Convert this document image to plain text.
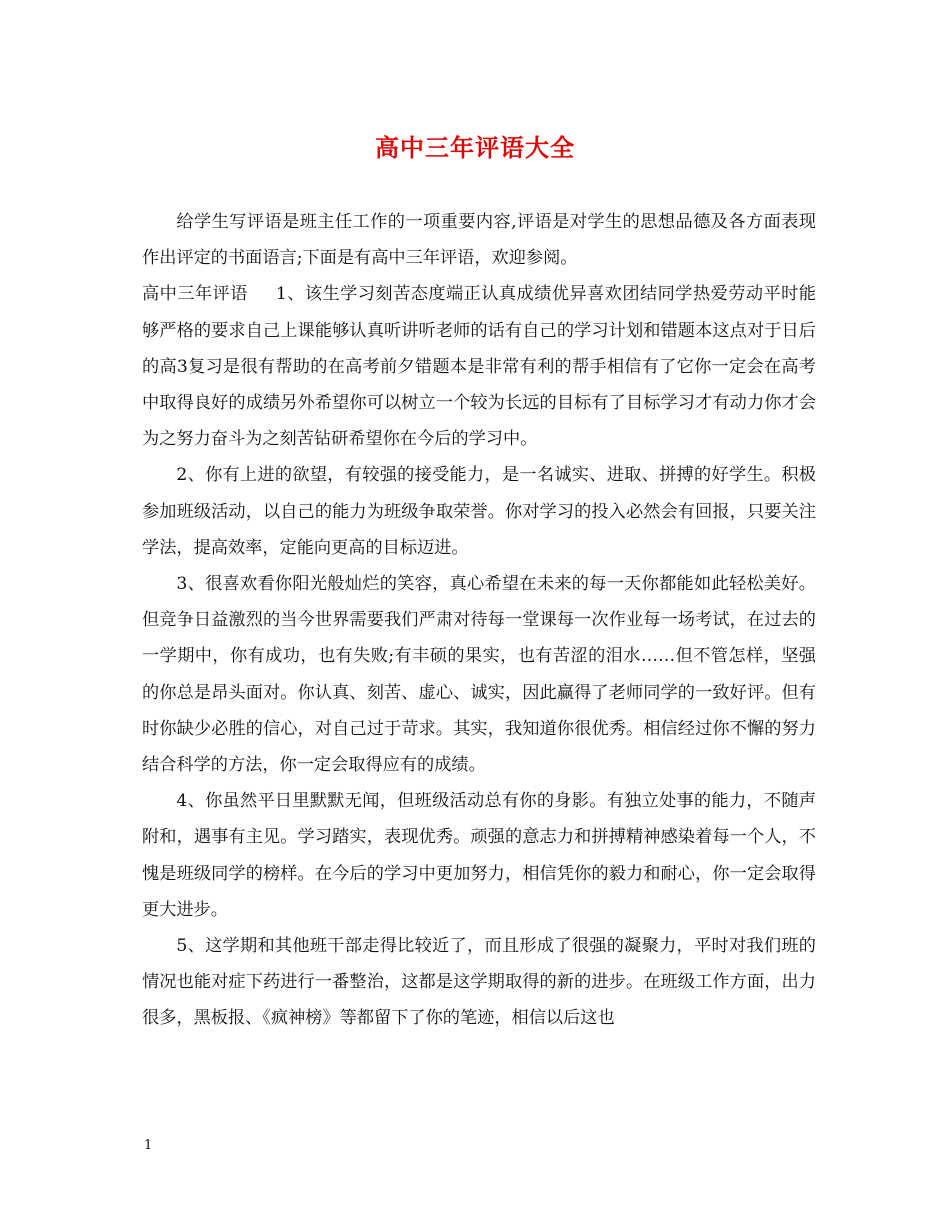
高中三年评语大全

给学生写评语是班主任工作的一项重要内容,评语是对学生的思想品德及各方面表现作出评定的书面语言;下面是有高中三年评语，欢迎参阅。

高中三年评语 1、该生学习刻苦态度端正认真成绩优异喜欢团结同学热爱劳动平时能够严格的要求自己上课能够认真听讲听老师的话有自己的学习计划和错题本这点对于日后的高3复习是很有帮助的在高考前夕错题本是非常有利的帮手相信有了它你一定会在高考中取得良好的成绩另外希望你可以树立一个较为长远的目标有了目标学习才有动力你才会为之努力奋斗为之刻苦钻研希望你在今后的学习中。

2、你有上进的欲望，有较强的接受能力，是一名诚实、进取、拼搏的好学生。积极参加班级活动，以自己的能力为班级争取荣誉。你对学习的投入必然会有回报，只要关注学法，提高效率，定能向更高的目标迈进。

3、很喜欢看你阳光般灿烂的笑容，真心希望在未来的每一天你都能如此轻松美好。但竞争日益激烈的当今世界需要我们严肃对待每一堂课每一次作业每一场考试，在过去的一学期中，你有成功，也有失败;有丰硕的果实，也有苦涩的泪水……但不管怎样，坚强的你总是昂头面对。你认真、刻苦、虚心、诚实，因此赢得了老师同学的一致好评。但有时你缺少必胜的信心，对自己过于苛求。其实，我知道你很优秀。相信经过你不懈的努力结合科学的方法，你一定会取得应有的成绩。

4、你虽然平日里默默无闻，但班级活动总有你的身影。有独立处事的能力，不随声附和，遇事有主见。学习踏实，表现优秀。顽强的意志力和拼搏精神感染着每一个人，不愧是班级同学的榜样。在今后的学习中更加努力，相信凭你的毅力和耐心，你一定会取得更大进步。

5、这学期和其他班干部走得比较近了，而且形成了很强的凝聚力，平时对我们班的情况也能对症下药进行一番整治，这都是这学期取得的新的进步。在班级工作方面，出力很多，黑板报、《疯神榜》等都留下了你的笔迹，相信以后这也

1
